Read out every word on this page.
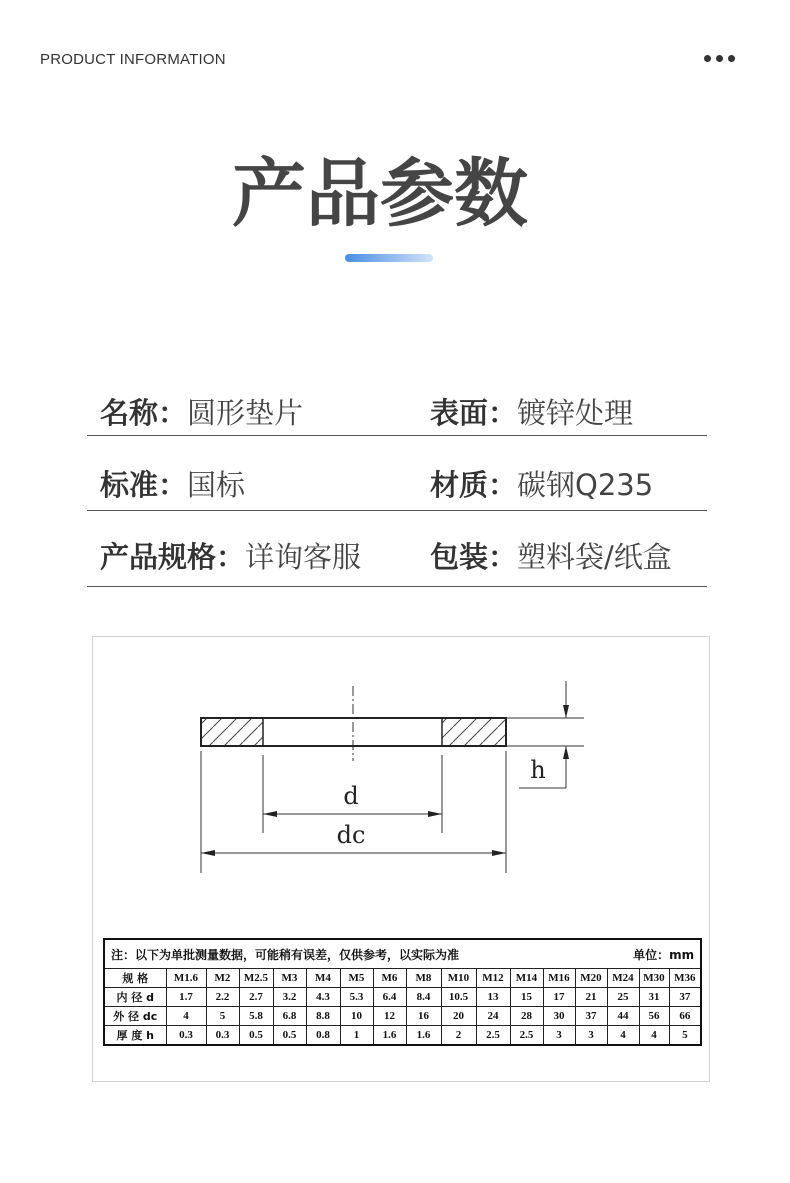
PRODUCT INFORMATION
产品参数
名称：圆形垫片	表面：镀锌处理
标准：国标	材质：碳钢Q235
产品规格：详询客服 包装：塑料袋/纸盒
d
dc
h
注：以下为单批测量数据，可能稍有误差，仅供参考，以实际为准 单位：mm																

规 格	M1.6	M2	M2.5	M3	M4	M5	M6	M8	M10	M12	M14	M16	M20	M24	M30	M36
内 径 d	1.7	2.2	2.7	3.2	4.3	5.3	6.4	8.4	10.5	13	15	17	21	25	31	37
外 径 dc	4	5	5.8	6.8	8.8	10	12	16	20	24	28	30	37	44	56	66
厚 度 h	0.3	0.3	0.5	0.5	0.8	1	1.6	1.6	2	2.5	2.5	3	3	4	4	5
